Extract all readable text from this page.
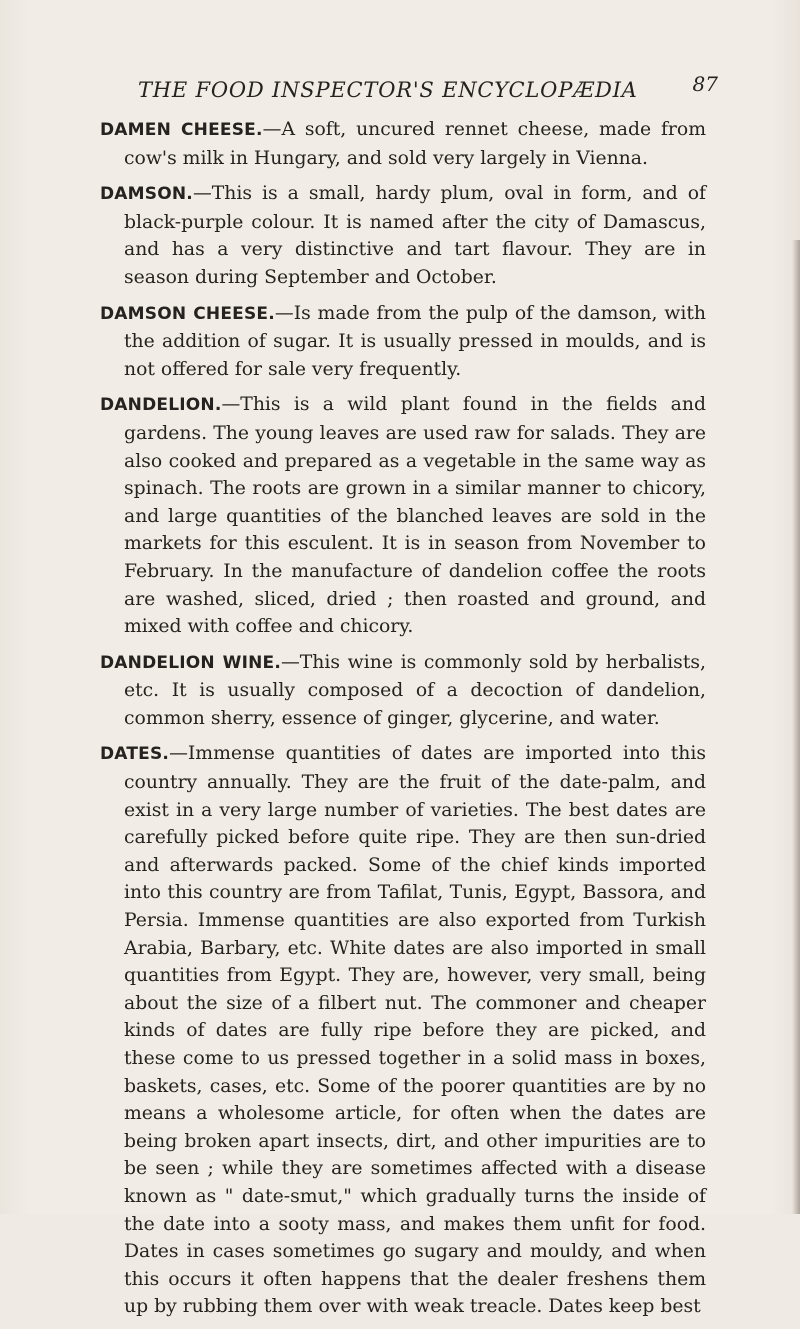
THE FOOD INSPECTOR'S ENCYCLOPÆDIA	87

DAMEN CHEESE.—A soft, uncured rennet cheese, made from cow's milk in Hungary, and sold very largely in Vienna.

DAMSON.—This is a small, hardy plum, oval in form, and of black-purple colour. It is named after the city of Damascus, and has a very distinctive and tart flavour. They are in season during September and October.

DAMSON CHEESE.—Is made from the pulp of the damson, with the addition of sugar. It is usually pressed in moulds, and is not offered for sale very frequently.

DANDELION.—This is a wild plant found in the fields and gardens. The young leaves are used raw for salads. They are also cooked and prepared as a vegetable in the same way as spinach. The roots are grown in a similar manner to chicory, and large quantities of the blanched leaves are sold in the markets for this esculent. It is in season from November to February. In the manufacture of dandelion coffee the roots are washed, sliced, dried ; then roasted and ground, and mixed with coffee and chicory.

DANDELION WINE.—This wine is commonly sold by herbalists, etc. It is usually composed of a decoction of dandelion, common sherry, essence of ginger, glycerine, and water.

DATES.—Immense quantities of dates are imported into this country annually. They are the fruit of the date-palm, and exist in a very large number of varieties. The best dates are carefully picked before quite ripe. They are then sun-dried and afterwards packed. Some of the chief kinds imported into this country are from Tafilat, Tunis, Egypt, Bassora, and Persia. Immense quantities are also exported from Turkish Arabia, Barbary, etc. White dates are also imported in small quantities from Egypt. They are, however, very small, being about the size of a filbert nut. The commoner and cheaper kinds of dates are fully ripe before they are picked, and these come to us pressed together in a solid mass in boxes, baskets, cases, etc. Some of the poorer quantities are by no means a wholesome article, for often when the dates are being broken apart insects, dirt, and other impurities are to be seen ; while they are sometimes affected with a disease known as " date-smut," which gradually turns the inside of the date into a sooty mass, and makes them unfit for food. Dates in cases sometimes go sugary and mouldy, and when this occurs it often happens that the dealer freshens them up by rubbing them over with weak treacle. Dates keep best
